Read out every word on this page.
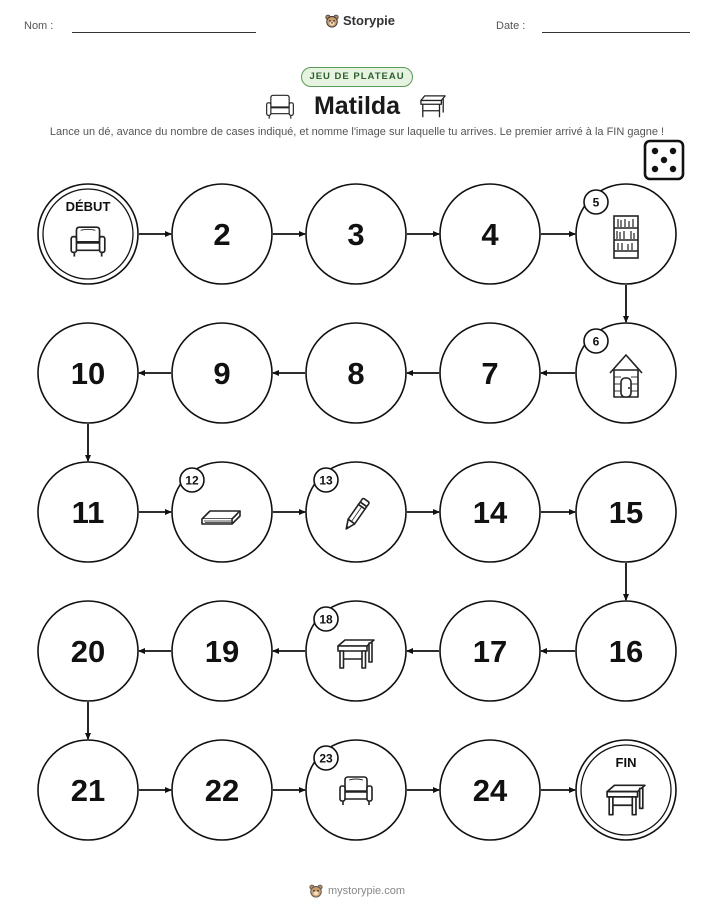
Nom :	Storypie	Date :
JEU DE PLATEAU
Matilda
Lance un dé, avance du nombre de cases indiqué, et nomme l'image sur laquelle tu arrives. Le premier arrivé à la FIN gagne !
DÉBUT
2	3	4
5
6
7
8
9
10
11
12	13
14	15
16
17
18
19
20
21	22
23
24
FIN
mystorypie.com
